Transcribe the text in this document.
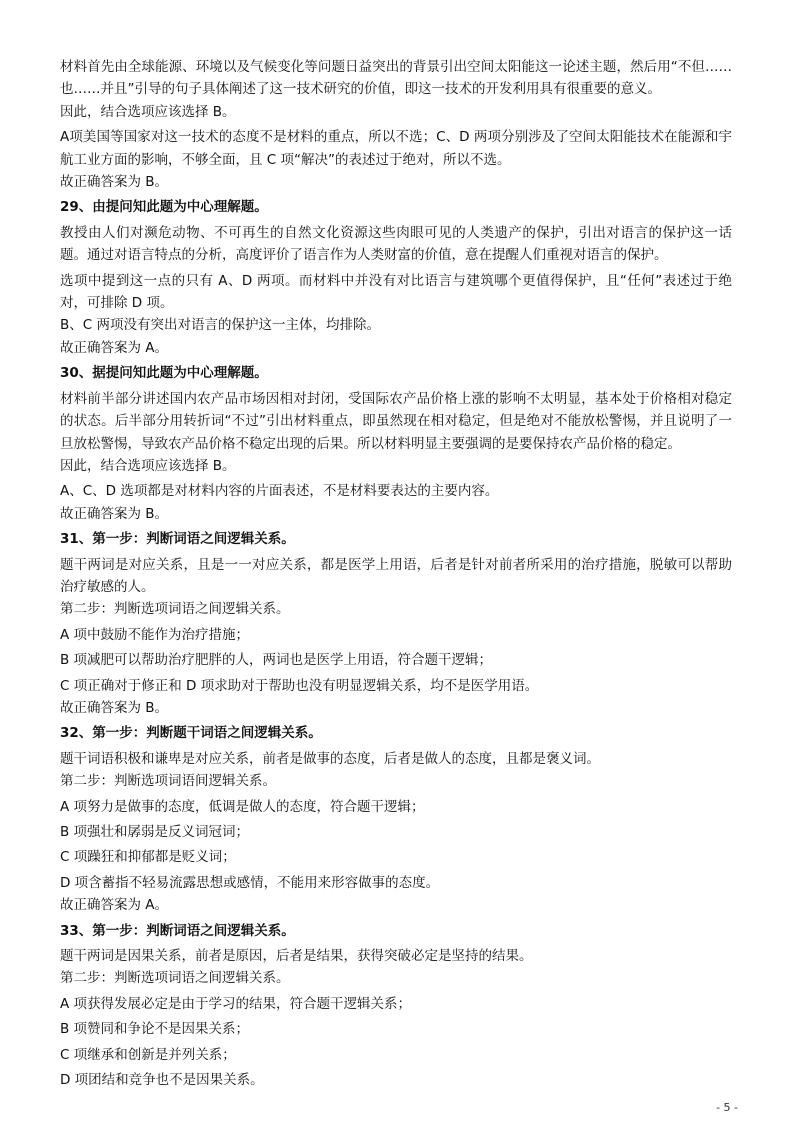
材料首先由全球能源、环境以及气候变化等问题日益突出的背景引出空间太阳能这一论述主题，然后用“不但……也……并且”引导的句子具体阐述了这一技术研究的价值，即这一技术的开发利用具有很重要的意义。

因此，结合选项应该选择 B。

A项美国等国家对这一技术的态度不是材料的重点，所以不选；C、D 两项分别涉及了空间太阳能技术在能源和宇航工业方面的影响，不够全面，且 C 项“解决”的表述过于绝对，所以不选。

故正确答案为 B。

29、由提问知此题为中心理解题。

教授由人们对濒危动物、不可再生的自然文化资源这些肉眼可见的人类遗产的保护，引出对语言的保护这一话题。通过对语言特点的分析，高度评价了语言作为人类财富的价值，意在提醒人们重视对语言的保护。

选项中提到这一点的只有 A、D 两项。而材料中并没有对比语言与建筑哪个更值得保护，且“任何”表述过于绝对，可排除 D 项。

B、C 两项没有突出对语言的保护这一主体，均排除。

故正确答案为 A。

30、据提问知此题为中心理解题。

材料前半部分讲述国内农产品市场因相对封闭，受国际农产品价格上涨的影响不太明显，基本处于价格相对稳定的状态。后半部分用转折词“不过”引出材料重点，即虽然现在相对稳定，但是绝对不能放松警惕，并且说明了一旦放松警惕，导致农产品价格不稳定出现的后果。所以材料明显主要强调的是要保持农产品价格的稳定。

因此，结合选项应该选择 B。

A、C、D 选项都是对材料内容的片面表述，不是材料要表达的主要内容。

故正确答案为 B。

31、第一步：判断词语之间逻辑关系。

题干两词是对应关系，且是一一对应关系，都是医学上用语，后者是针对前者所采用的治疗措施，脱敏可以帮助治疗敏感的人。

第二步：判断选项词语之间逻辑关系。

A 项中鼓励不能作为治疗措施；

B 项减肥可以帮助治疗肥胖的人，两词也是医学上用语，符合题干逻辑；

C 项正确对于修正和 D 项求助对于帮助也没有明显逻辑关系，均不是医学用语。

故正确答案为 B。

32、第一步：判断题干词语之间逻辑关系。

题干词语积极和谦卑是对应关系，前者是做事的态度，后者是做人的态度，且都是褒义词。

第二步：判断选项词语间逻辑关系。

A 项努力是做事的态度，低调是做人的态度，符合题干逻辑；

B 项强壮和孱弱是反义词冠词；

C 项躁狂和抑郁都是贬义词；

D 项含蓄指不轻易流露思想或感情，不能用来形容做事的态度。

故正确答案为 A。

33、第一步：判断词语之间逻辑关系。

题干两词是因果关系，前者是原因，后者是结果，获得突破必定是坚持的结果。

第二步：判断选项词语之间逻辑关系。

A 项获得发展必定是由于学习的结果，符合题干逻辑关系；

B 项赞同和争论不是因果关系；

C 项继承和创新是并列关系；

D 项团结和竞争也不是因果关系。

- 5 -
